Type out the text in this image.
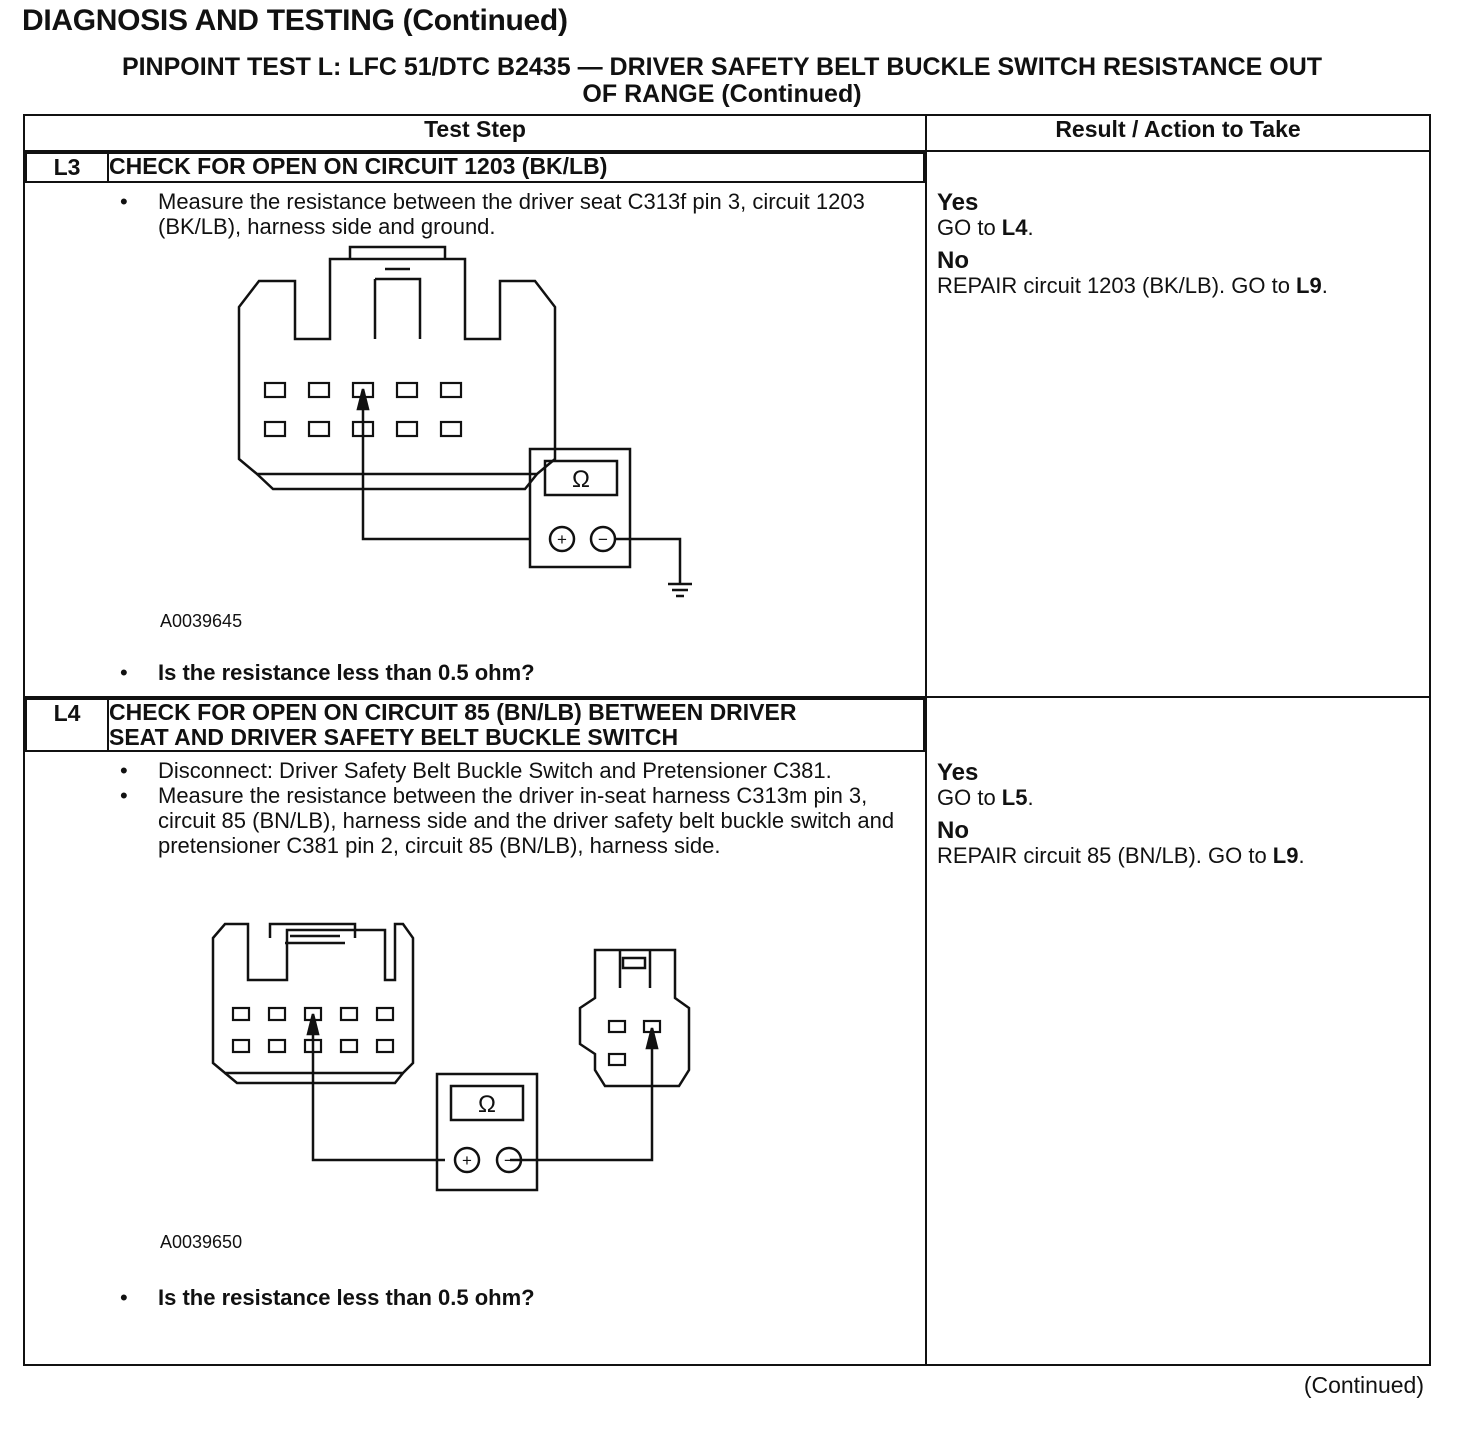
DIAGNOSIS AND TESTING (Continued)
PINPOINT TEST L: LFC 51/DTC B2435 — DRIVER SAFETY BELT BUCKLE SWITCH RESISTANCE OUT
OF RANGE (Continued)
Test Step	Result / Action to Take

L3	CHECK FOR OPEN ON CIRCUIT 1203 (BK/LB)
• Measure the resistance between the driver seat C313f pin 3, circuit 1203 (BK/LB), harness side and ground.
Ω
+ −
A0039645
• Is the resistance less than 0.5 ohm?

Yes
GO to L4.
No
REPAIR circuit 1203 (BK/LB). GO to L9.

L4	CHECK FOR OPEN ON CIRCUIT 85 (BN/LB) BETWEEN DRIVER
SEAT AND DRIVER SAFETY BELT BUCKLE SWITCH
• Disconnect: Driver Safety Belt Buckle Switch and Pretensioner C381.
• Measure the resistance between the driver in-seat harness C313m pin 3, circuit 85 (BN/LB), harness side and the driver safety belt buckle switch and pretensioner C381 pin 2, circuit 85 (BN/LB), harness side.
Ω
+ −
A0039650
• Is the resistance less than 0.5 ohm?

Yes
GO to L5.
No
REPAIR circuit 85 (BN/LB). GO to L9.
(Continued)
